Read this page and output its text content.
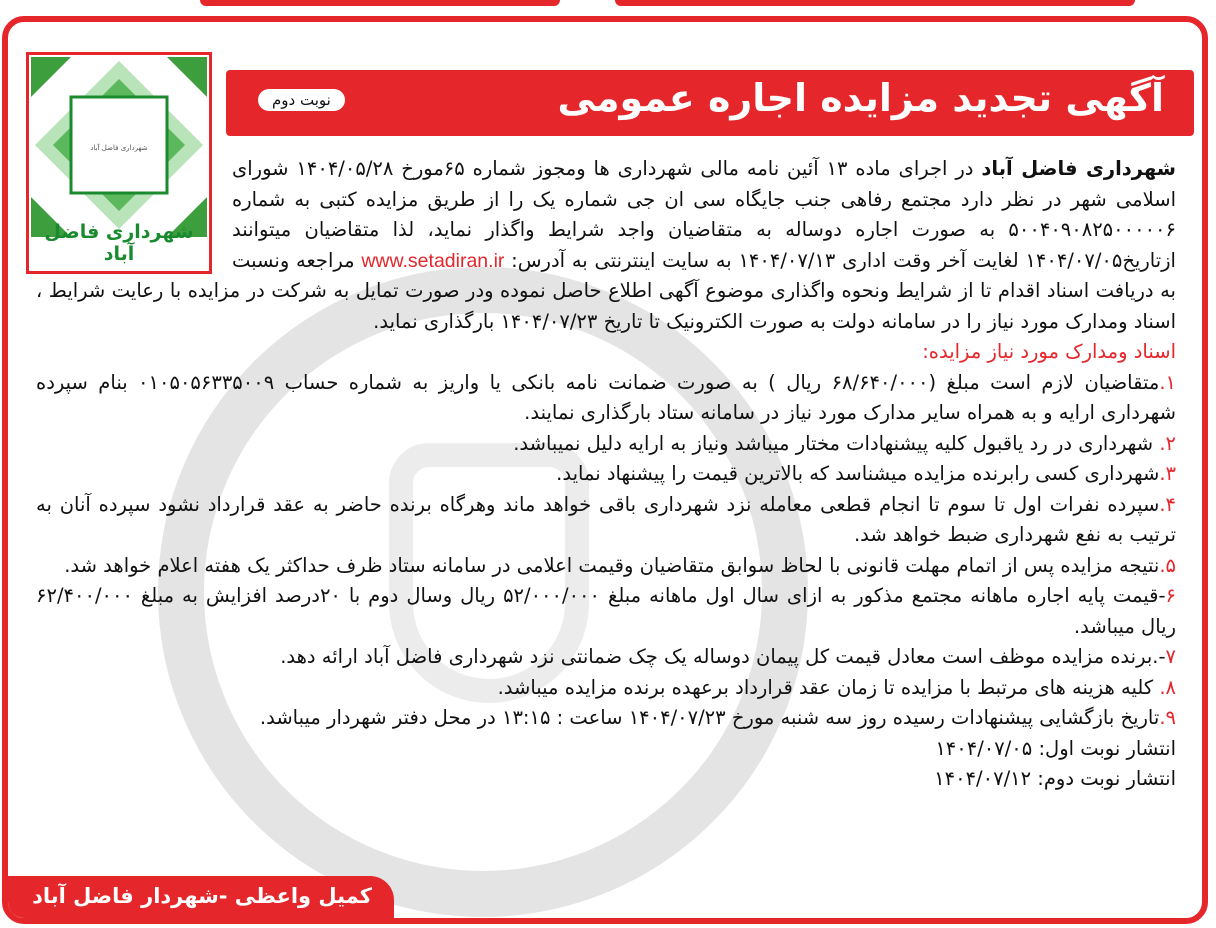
شهرداری فاضل آباد
شهرداری فاضل آباد
آگهی تجدید مزایده اجاره عمومی
نوبت دوم

شهرداری فاضل آباد در اجرای ماده ۱۳ آئین نامه مالی شهرداری ها ومجوز شماره ۶۵مورخ ۱۴۰۴/۰۵/۲۸ شورای اسلامی شهر در نظر دارد مجتمع رفاهی جنب جایگاه سی ان جی شماره یک را از طریق مزایده کتبی به شماره ۵۰۰۴۰۹۰۸۲۵۰۰۰۰۰۶ به صورت اجاره دوساله به متقاضیان واجد شرایط واگذار نماید، لذا متقاضیان میتوانند ازتاریخ۱۴۰۴/۰۷/۰۵ لغایت آخر وقت اداری ۱۴۰۴/۰۷/۱۳ به سایت اینترنتی به آدرس: www.setadiran.ir مراجعه ونسبت به دریافت اسناد اقدام تا از شرایط ونحوه واگذاری موضوع آگهی اطلاع حاصل نموده ودر صورت تمایل به شرکت در مزایده با رعایت شرایط ، اسناد ومدارک مورد نیاز را در سامانه دولت به صورت الکترونیک تا تاریخ ۱۴۰۴/۰۷/۲۳ بارگذاری نماید.

اسناد ومدارک مورد نیاز مزایده:

۱.متقاضیان لازم است مبلغ (۶۸/۶۴۰/۰۰۰ ریال ) به صورت ضمانت نامه بانکی یا واریز به شماره حساب ۰۱۰۵۰۵۶۳۳۵۰۰۹ بنام سپرده شهرداری ارایه و به همراه سایر مدارک مورد نیاز در سامانه ستاد بارگذاری نمایند.

۲. شهرداری در رد یاقبول کلیه پیشنهادات مختار میباشد ونیاز به ارایه دلیل نمیباشد.

۳.شهرداری کسی رابرنده مزایده میشناسد که بالاترین قیمت را پیشنهاد نماید.

۴.سپرده نفرات اول تا سوم تا انجام قطعی معامله نزد شهرداری باقی خواهد ماند وهرگاه برنده حاضر به عقد قرارداد نشود سپرده آنان به ترتیب به نفع شهرداری ضبط خواهد شد.

۵.نتیجه مزایده پس از اتمام مهلت قانونی با لحاظ سوابق متقاضیان وقیمت اعلامی در سامانه ستاد ظرف حداکثر یک هفته اعلام خواهد شد.

۶-قیمت پایه اجاره ماهانه مجتمع مذکور به ازای سال اول ماهانه مبلغ ۵۲/۰۰۰/۰۰۰ ریال وسال دوم با ۲۰درصد افزایش به مبلغ ۶۲/۴۰۰/۰۰۰ ریال میباشد.

۷-.برنده مزایده موظف است معادل قیمت کل پیمان دوساله یک چک ضمانتی نزد شهرداری فاضل آباد ارائه دهد.

۸. کلیه هزینه های مرتبط با مزایده تا زمان عقد قرارداد برعهده برنده مزایده میباشد.

۹.تاریخ بازگشایی پیشنهادات رسیده روز سه شنبه مورخ ۱۴۰۴/۰۷/۲۳ ساعت : ۱۳:۱۵ در محل دفتر شهردار میباشد.

انتشار نوبت اول: ۱۴۰۴/۰۷/۰۵

انتشار نوبت دوم: ۱۴۰۴/۰۷/۱۲

کمیل واعظی -شهردار فاضل آباد
